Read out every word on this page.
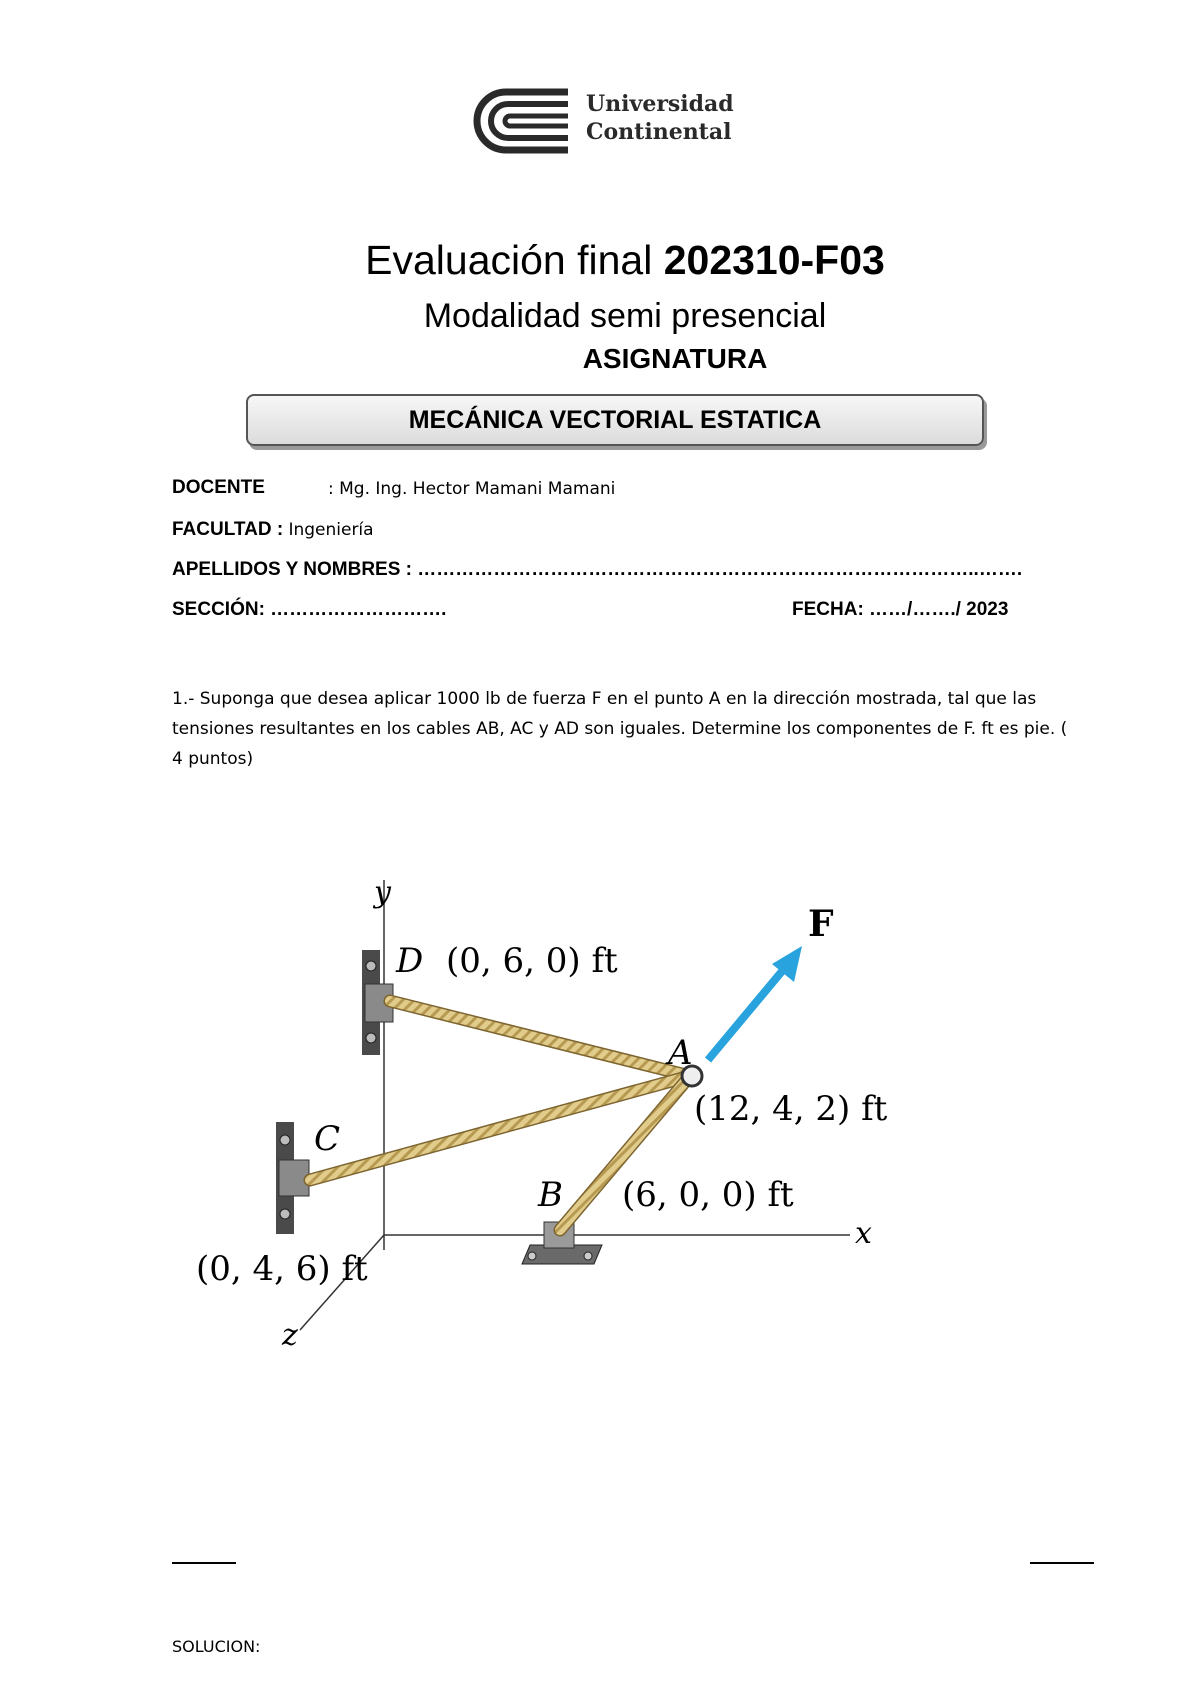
Universidad
Continental
Evaluación final 202310-F03
Modalidad semi presencial
ASIGNATURA
MECÁNICA VECTORIAL ESTATICA
DOCENTE	: Mg. Ing. Hector Mamani Mamani
FACULTAD : Ingeniería
APELLIDOS Y NOMBRES : ……………………………………………………………………………..…….
SECCIÓN: ……………………….	FECHA: ……/……./ 2023
1.- Suponga que desea aplicar 1000 lb de fuerza F en el punto A en la dirección mostrada, tal que las tensiones resultantes en los cables AB, AC y AD son iguales. Determine los componentes de F. ft es pie. ( 4 puntos)
y
x
z
F
D (0, 6, 0) ft
A
(12, 4, 2) ft
C
(0, 4, 6) ft
B (6, 0, 0) ft
SOLUCION:
